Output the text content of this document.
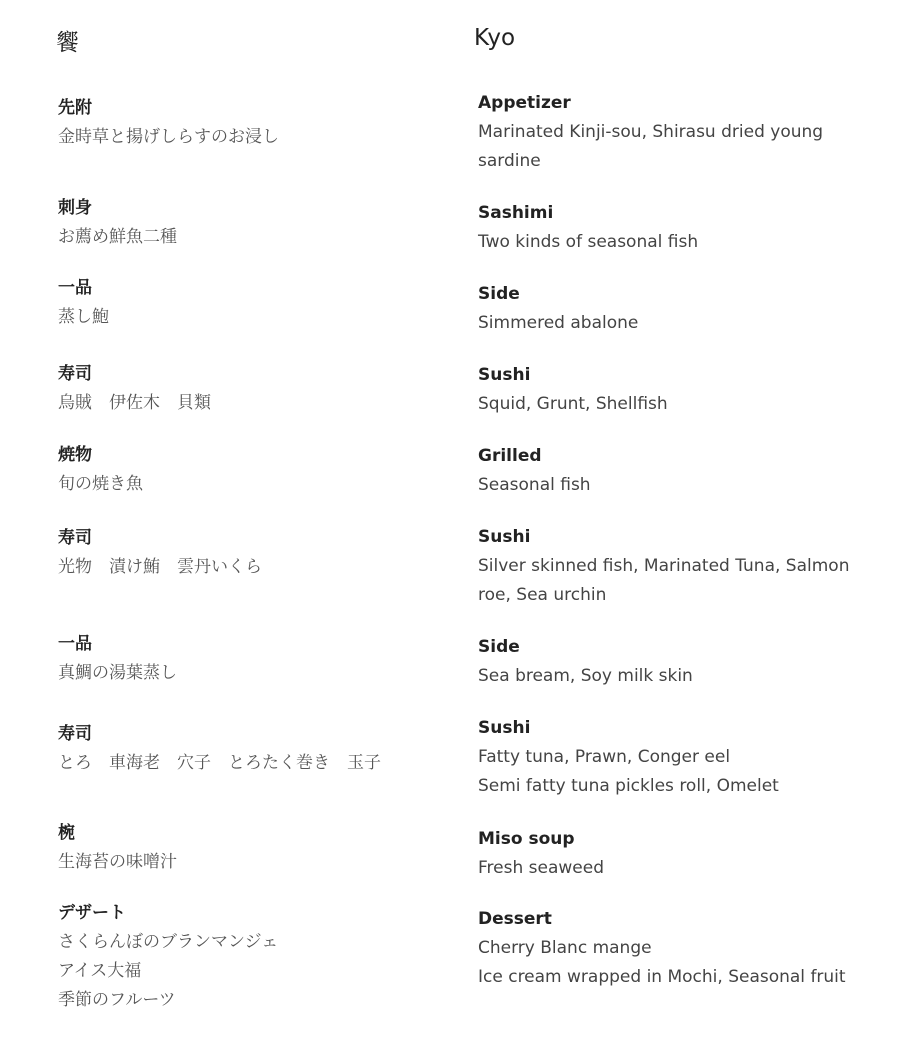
饗
先附
金時草と揚げしらすのお浸し
刺身
お薦め鮮魚二種
一品
蒸し鮑
寿司
烏賊　伊佐木　貝類
焼物
旬の焼き魚
寿司
光物　漬け鮪　雲丹いくら
一品
真鯛の湯葉蒸し
寿司
とろ　車海老　穴子　とろたく巻き　玉子
椀
生海苔の味噌汁
デザート
さくらんぼのブランマンジェ
アイス大福
季節のフルーツ
Kyo
Appetizer
Marinated Kinji-sou, Shirasu dried young sardine
Sashimi
Two kinds of seasonal fish
Side
Simmered abalone
Sushi
Squid, Grunt, Shellfish
Grilled
Seasonal fish
Sushi
Silver skinned fish, Marinated Tuna, Salmon roe, Sea urchin
Side
Sea bream, Soy milk skin
Sushi
Fatty tuna, Prawn, Conger eel
Semi fatty tuna pickles roll, Omelet
Miso soup
Fresh seaweed
Dessert
Cherry Blanc mange
Ice cream wrapped in Mochi, Seasonal fruit
